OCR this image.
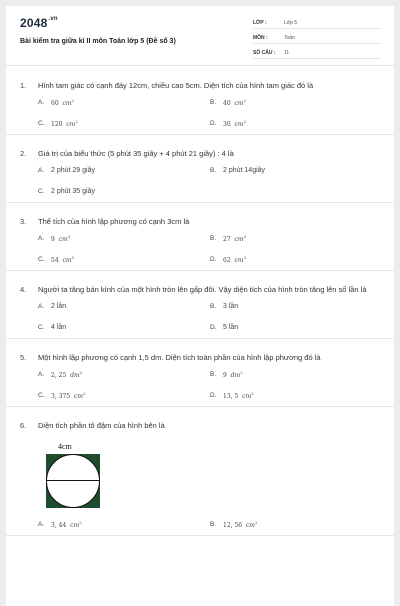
$2048^{.vn}$
Bài kiểm tra giữa kì II môn Toán lớp 5 (Đề số 3)
LỚP :	Lớp 5
MÔN :	Toán
SỐ CÂU :	11
1.	Hình tam giác có cạnh đáy 12cm, chiều cao 5cm. Diện tích của hình tam giác đó là
A.	60 $cm^2$	B.	40 $cm^2$
C.	120 $cm^2$	D.	30 $cm^2$
2.	Giá trị của biểu thức (5 phút 35 giây + 4 phút 21 giây) : 4 là
A. 2 phút 29 giây	B. 2 phút 14giây
C. 2 phút 35 giây
3.	Thể tích của hình lập phương có cạnh 3cm là
A.	9 $cm^3$	B.	27 $cm^3$
C.	54 $cm^3$	D.	62 $cm^3$
4.	Người ta tăng bán kính của một hình tròn lên gấp đôi. Vậy diện tích của hình tròn tăng lên số lần là
A. 2 lần	B. 3 lần
C. 4 lần	D. 5 lần
5.	Một hình lập phương có cạnh 1,5 dm. Diện tích toàn phần của hình lập phương đó là
A.	2, 25 $dm^2$	B.	9 $dm^2$
C.	3, 375 $cm^2$	D.	13, 5 $cm^2$
6.	Diện tích phần tô đậm của hình bên là
4cm
A.	3, 44 $cm^2$	B.	12, 56 $cm^2$
